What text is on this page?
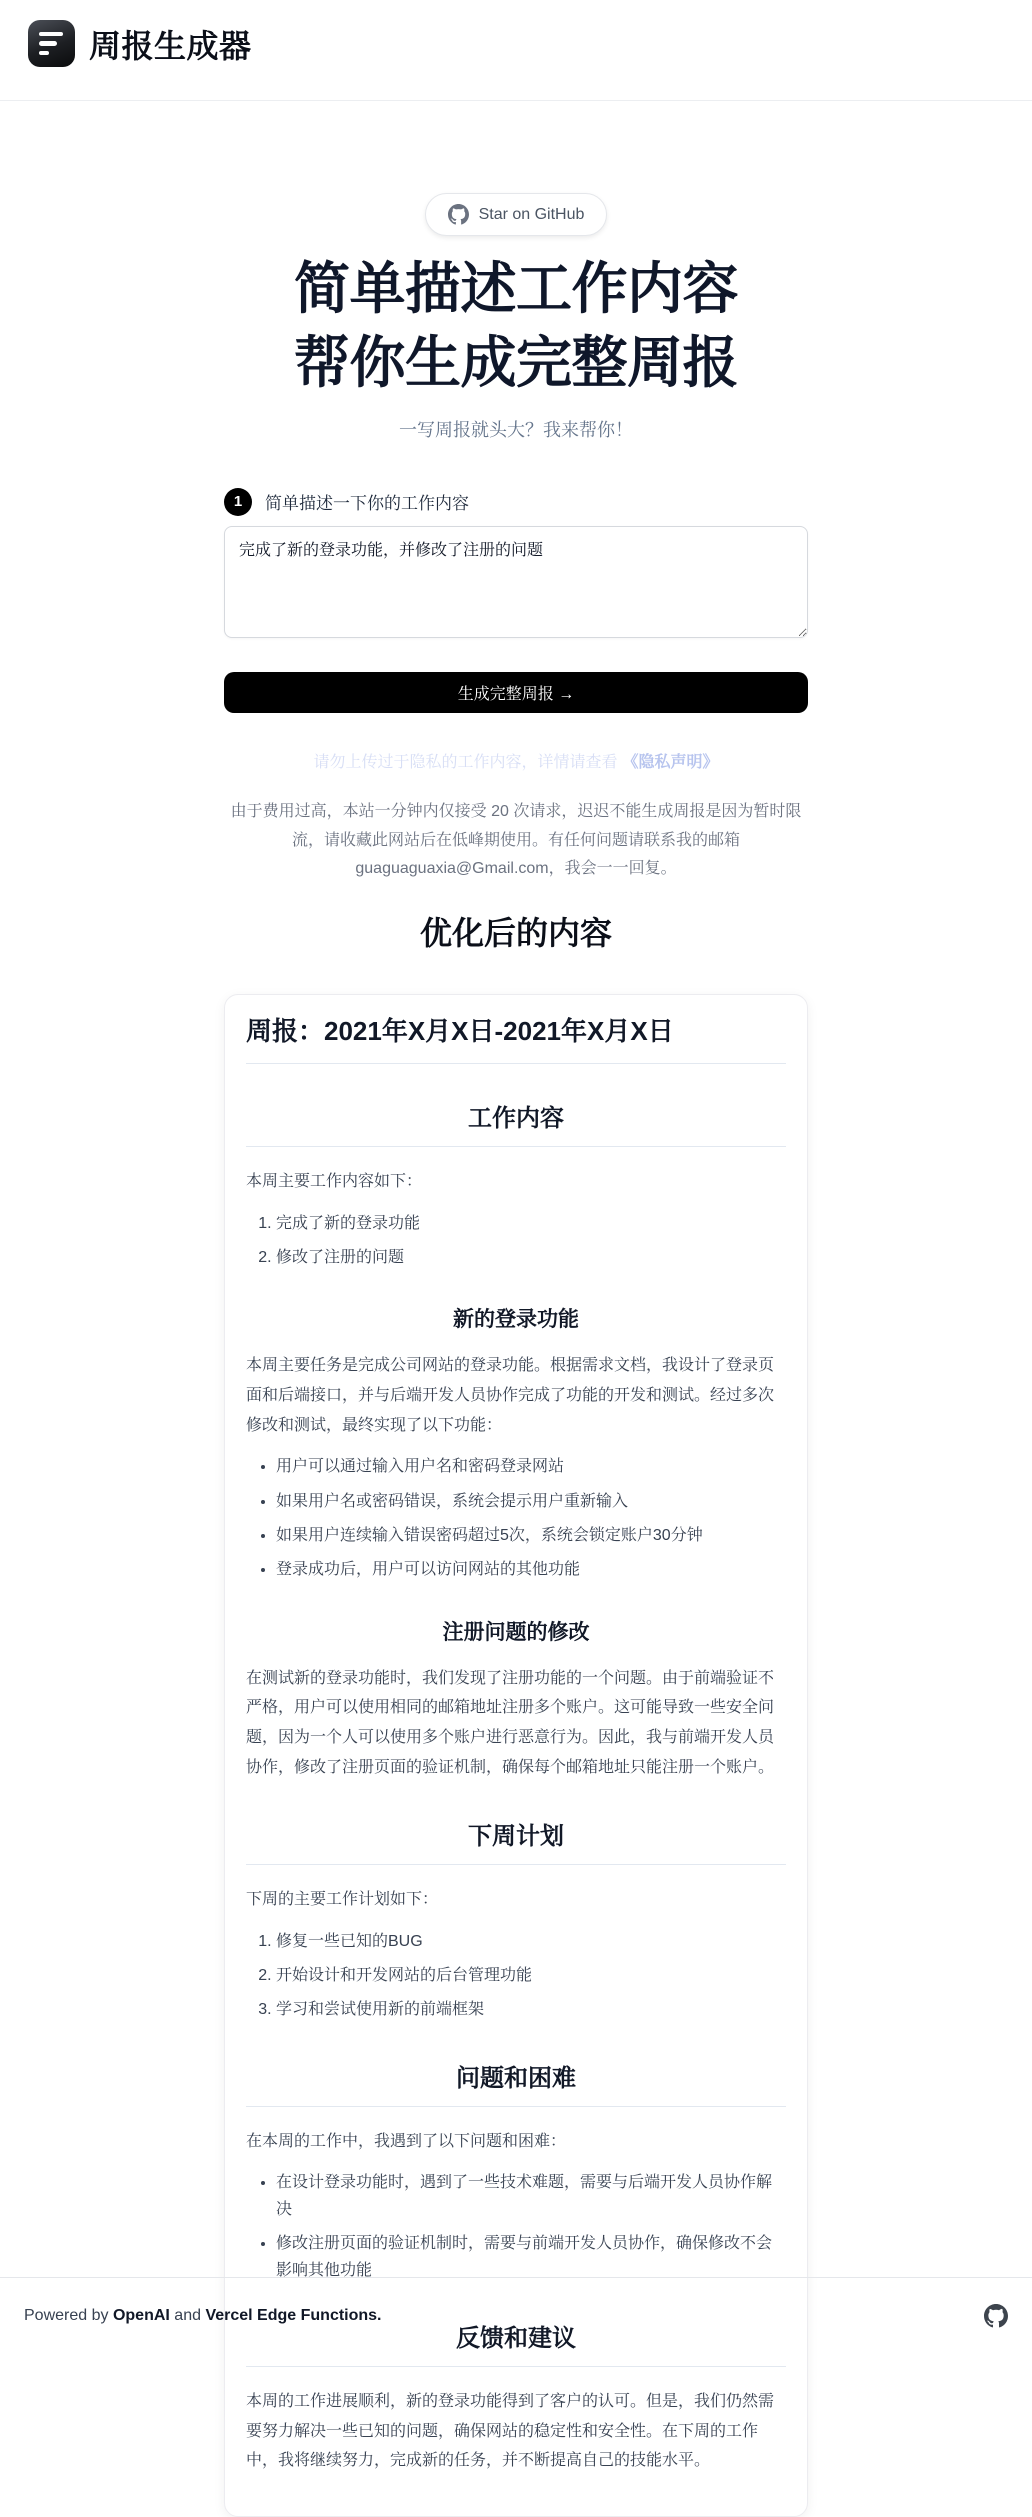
周报生成器
Star on GitHub
简单描述工作内容
帮你生成完整周报
一写周报就头大？我来帮你！
1	简单描述一下你的工作内容
完成了新的登录功能，并修改了注册的问题 生成完整周报 →
请勿上传过于隐私的工作内容，详情请查看 《隐私声明》

由于费用过高，本站一分钟内仅接受 20 次请求，迟迟不能生成周报是因为暂时限流，请收藏此网站后在低峰期使用。有任何问题请联系我的邮箱 guaguaguaxia@Gmail.com，我会一一回复。

优化后的内容
周报：2021年X月X日-2021年X月X日
工作内容

本周主要工作内容如下：

1. 完成了新的登录功能
2. 修改了注册的问题
新的登录功能

本周主要任务是完成公司网站的登录功能。根据需求文档，我设计了登录页面和后端接口，并与后端开发人员协作完成了功能的开发和测试。经过多次修改和测试，最终实现了以下功能：

• 用户可以通过输入用户名和密码登录网站
• 如果用户名或密码错误，系统会提示用户重新输入
• 如果用户连续输入错误密码超过5次，系统会锁定账户30分钟
• 登录成功后，用户可以访问网站的其他功能
注册问题的修改

在测试新的登录功能时，我们发现了注册功能的一个问题。由于前端验证不严格，用户可以使用相同的邮箱地址注册多个账户。这可能导致一些安全问题，因为一个人可以使用多个账户进行恶意行为。因此，我与前端开发人员协作，修改了注册页面的验证机制，确保每个邮箱地址只能注册一个账户。

下周计划

下周的主要工作计划如下：

1. 修复一些已知的BUG
2. 开始设计和开发网站的后台管理功能
3. 学习和尝试使用新的前端框架
问题和困难

在本周的工作中，我遇到了以下问题和困难：

• 在设计登录功能时，遇到了一些技术难题，需要与后端开发人员协作解决
• 修改注册页面的验证机制时，需要与前端开发人员协作，确保修改不会影响其他功能
反馈和建议

本周的工作进展顺利，新的登录功能得到了客户的认可。但是，我们仍然需要努力解决一些已知的问题，确保网站的稳定性和安全性。在下周的工作中，我将继续努力，完成新的任务，并不断提高自己的技能水平。

Powered by OpenAI and Vercel Edge Functions.
